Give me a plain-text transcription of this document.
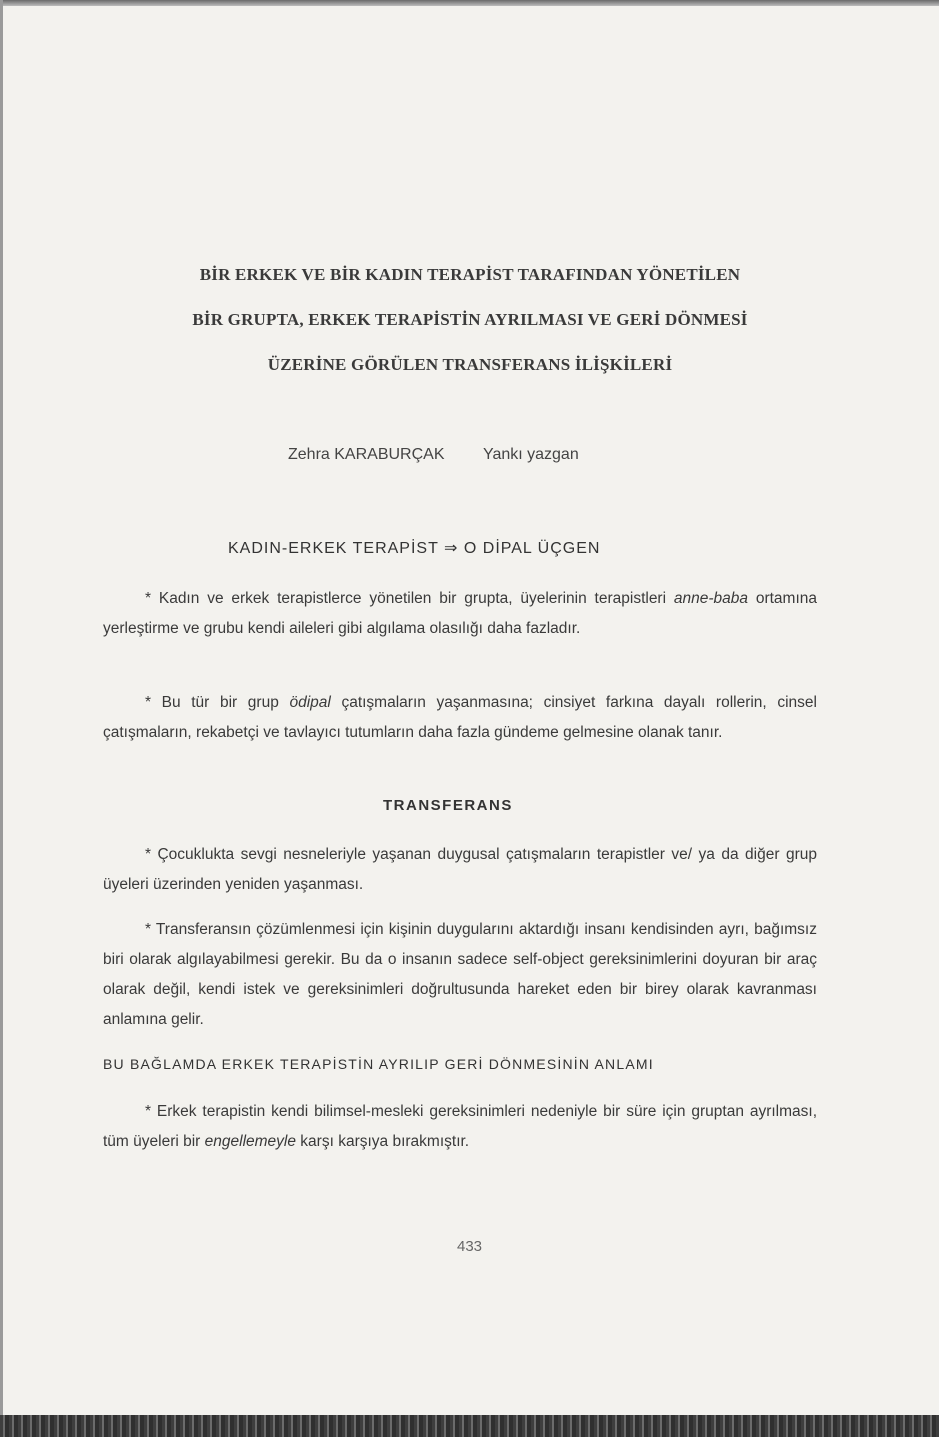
BİR ERKEK VE BİR KADIN TERAPİST TARAFINDAN YÖNETİLEN
BİR GRUPTA, ERKEK TERAPİSTİN AYRILMASI VE GERİ DÖNMESİ
ÜZERİNE GÖRÜLEN TRANSFERANS İLİŞKİLERİ
Zehra KARABURÇAK Yankı yazgan
KADIN-ERKEK TERAPİST ⇒ O DİPAL ÜÇGEN
* Kadın ve erkek terapistlerce yönetilen bir grupta, üyelerinin terapistleri anne-baba ortamına yerleştirme ve grubu kendi aileleri gibi algılama olasılığı daha fazladır.
* Bu tür bir grup ödipal çatışmaların yaşanmasına; cinsiyet farkına dayalı rollerin, cinsel çatışmaların, rekabetçi ve tavlayıcı tutumların daha fazla gündeme gelmesine olanak tanır.
TRANSFERANS
* Çocuklukta sevgi nesneleriyle yaşanan duygusal çatışmaların terapistler ve/ ya da diğer grup üyeleri üzerinden yeniden yaşanması.
* Transferansın çözümlenmesi için kişinin duygularını aktardığı insanı kendisinden ayrı, bağımsız biri olarak algılayabilmesi gerekir. Bu da o insanın sadece self-object gereksinimlerini doyuran bir araç olarak değil, kendi istek ve gereksinimleri doğrultusunda hareket eden bir birey olarak kavranması anlamına gelir.
BU BAĞLAMDA ERKEK TERAPİSTİN AYRILIP GERİ DÖNMESİNİN ANLAMI
* Erkek terapistin kendi bilimsel-mesleki gereksinimleri nedeniyle bir süre için gruptan ayrılması, tüm üyeleri bir engellemeyle karşı karşıya bırakmıştır.
433
